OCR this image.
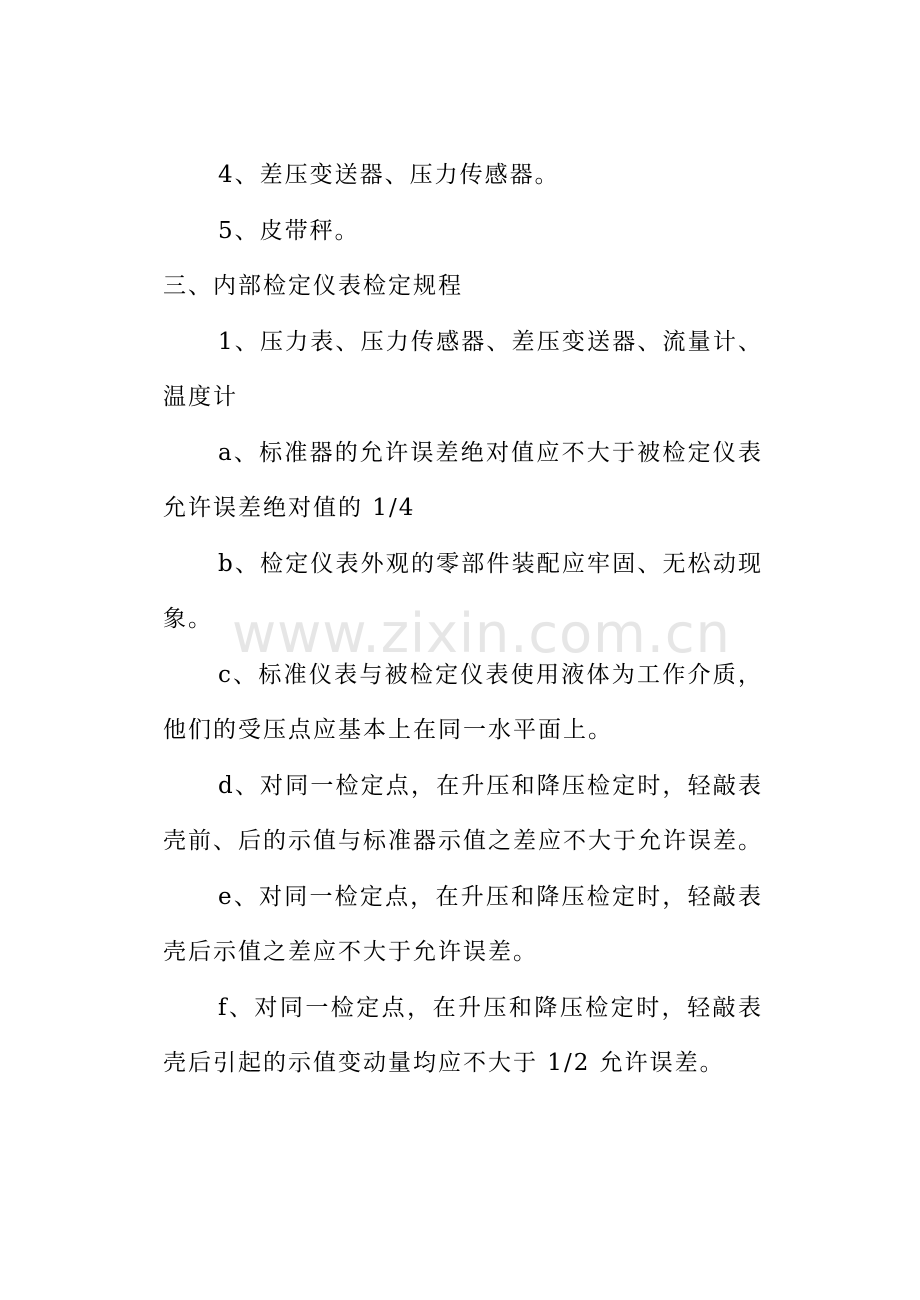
www.zixin.com.cn

4、差压变送器、压力传感器。

5、皮带秤。

三、内部检定仪表检定规程

1、压力表、压力传感器、差压变送器、流量计、温度计

a、标准器的允许误差绝对值应不大于被检定仪表允许误差绝对值的 1/4

b、检定仪表外观的零部件装配应牢固、无松动现象。

c、标准仪表与被检定仪表使用液体为工作介质，他们的受压点应基本上在同一水平面上。

d、对同一检定点，在升压和降压检定时，轻敲表壳前、后的示值与标准器示值之差应不大于允许误差。

e、对同一检定点，在升压和降压检定时，轻敲表壳后示值之差应不大于允许误差。

f、对同一检定点，在升压和降压检定时，轻敲表壳后引起的示值变动量均应不大于 1/2 允许误差。
